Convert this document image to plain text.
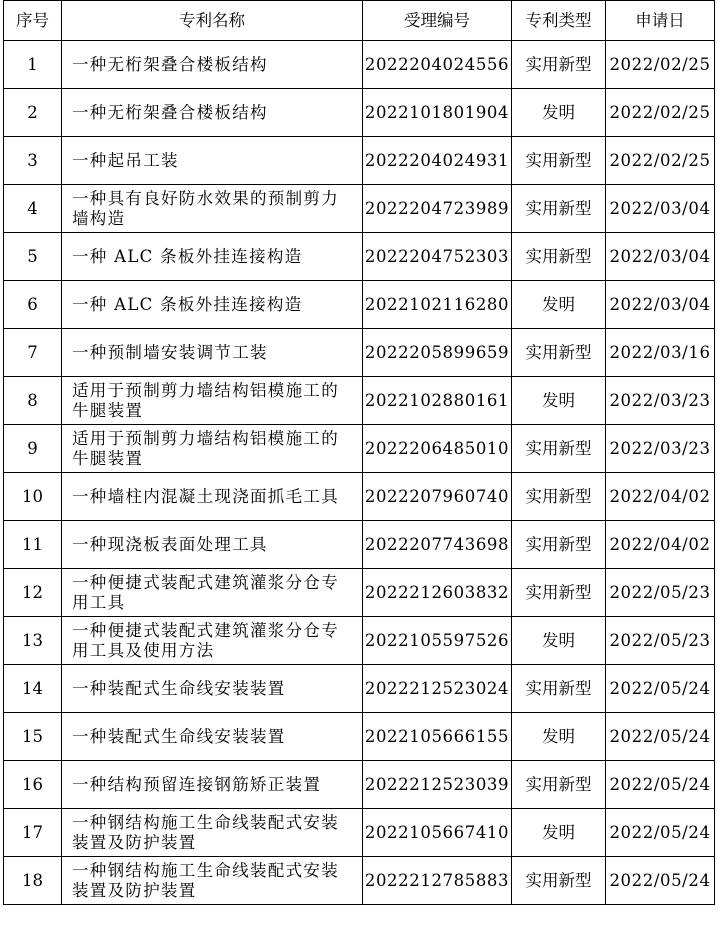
序号	专利名称	受理编号	专利类型	申请日
1	一种无桁架叠合楼板结构	2022204024556	实用新型	2022/02/25
2	一种无桁架叠合楼板结构	2022101801904	发明	2022/02/25
3	一种起吊工装	2022204024931	实用新型	2022/02/25
4	一种具有良好防水效果的预制剪力墙构造	2022204723989	实用新型	2022/03/04
5	一种 ALC 条板外挂连接构造	2022204752303	实用新型	2022/03/04
6	一种 ALC 条板外挂连接构造	2022102116280	发明	2022/03/04
7	一种预制墙安装调节工装	2022205899659	实用新型	2022/03/16
8	适用于预制剪力墙结构铝模施工的牛腿装置	2022102880161	发明	2022/03/23
9	适用于预制剪力墙结构铝模施工的牛腿装置	2022206485010	实用新型	2022/03/23
10	一种墙柱内混凝土现浇面抓毛工具	2022207960740	实用新型	2022/04/02
11	一种现浇板表面处理工具	2022207743698	实用新型	2022/04/02
12	一种便捷式装配式建筑灌浆分仓专用工具	2022212603832	实用新型	2022/05/23
13	一种便捷式装配式建筑灌浆分仓专用工具及使用方法	2022105597526	发明	2022/05/23
14	一种装配式生命线安装装置	2022212523024	实用新型	2022/05/24
15	一种装配式生命线安装装置	2022105666155	发明	2022/05/24
16	一种结构预留连接钢筋矫正装置	2022212523039	实用新型	2022/05/24
17	一种钢结构施工生命线装配式安装装置及防护装置	2022105667410	发明	2022/05/24
18	一种钢结构施工生命线装配式安装装置及防护装置	2022212785883	实用新型	2022/05/24
